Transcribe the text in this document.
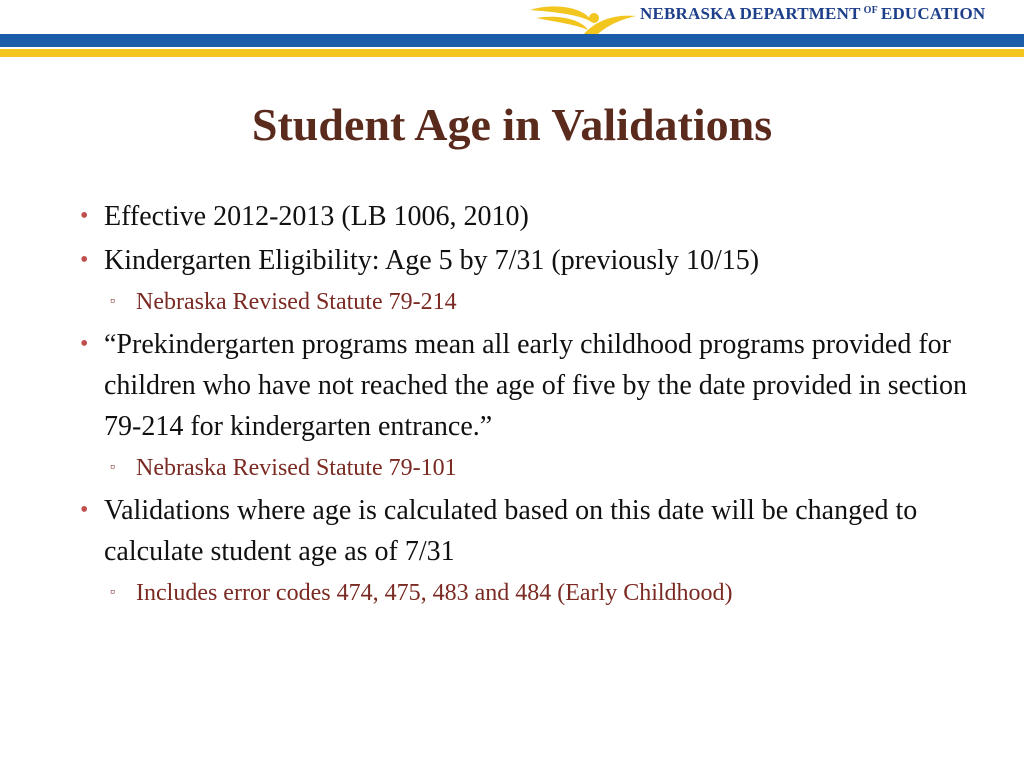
NEBRASKA DEPARTMENT $^{OF}$ EDUCATION
Student Age in Validations
• Effective 2012-2013 (LB 1006, 2010)
• Kindergarten Eligibility: Age 5 by 7/31 (previously 10/15)
▫ Nebraska Revised Statute 79-214
• “Prekindergarten programs mean all early childhood programs provided for children who have not reached the age of five by the date provided in section 79-214 for kindergarten entrance.”
▫ Nebraska Revised Statute 79-101
• Validations where age is calculated based on this date will be changed to calculate student age as of 7/31
▫ Includes error codes 474, 475, 483 and 484 (Early Childhood)
